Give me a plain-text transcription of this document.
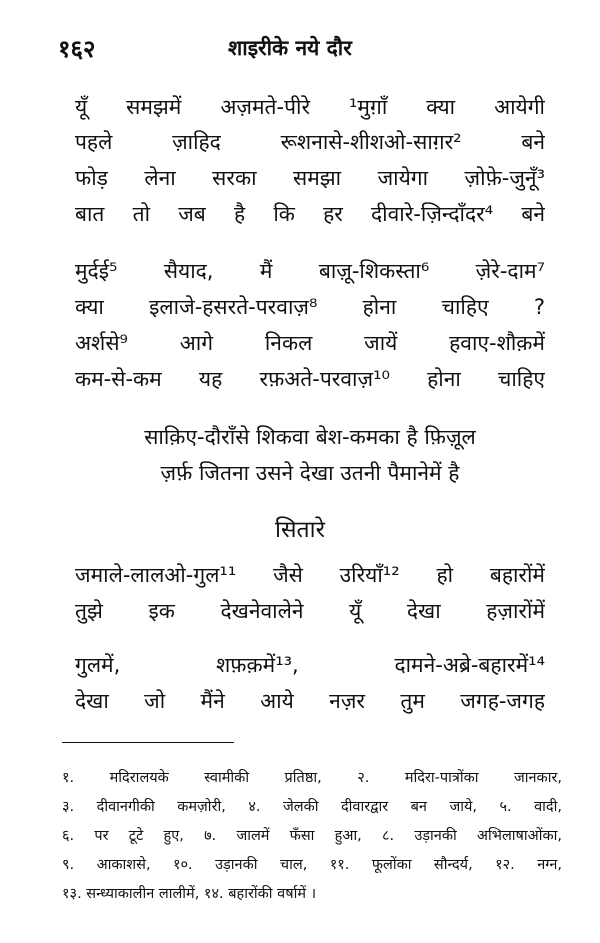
१६२	शाइरीके नये दौर
यूँ समझमें अज़मते-पीरे ¹मुग़ाँ क्या आयेगी
पहले ज़ाहिद रूशनासे-शीशओ-साग़र² बने
फोड़ लेना सरका समझा जायेगा ज़ोफ़े-जुनूँ³
बात तो जब है कि हर दीवारे-ज़िन्दाँदर⁴ बने
मुर्दई⁵ सैयाद, मैं बाज़ू-शिकस्ता⁶ ज़ेरे-दाम⁷
क्या इलाजे-हसरते-परवाज़⁸ होना चाहिए ?
अर्शसे⁹ आगे निकल जायें हवाए-शौक़में
कम-से-कम यह रफ़अते-परवाज़¹⁰ होना चाहिए
साक़िए-दौराँसे शिकवा बेश-कमका है फ़िज़ूल
ज़र्फ़ जितना उसने देखा उतनी पैमानेमें है
सितारे
जमाले-लालओ-गुल¹¹ जैसे उरियाँ¹² हो बहारोंमें
तुझे इक देखनेवालेने यूँ देखा हज़ारोंमें
गुलमें, शफ़क़में¹³, दामने-अब्रे-बहारमें¹⁴
देखा जो मैंने आये नज़र तुम जगह-जगह
१. मदिरालयके स्वामीकी प्रतिष्ठा, २. मदिरा-पात्रोंका जानकार,
३. दीवानगीकी कमज़ोरी, ४. जेलकी दीवारद्वार बन जाये, ५. वादी,
६. पर टूटे हुए, ७. जालमें फँसा हुआ, ८. उड़ानकी अभिलाषाओंका,
९. आकाशसे, १०. उड़ानकी चाल, ११. फूलोंका सौन्दर्य, १२. नग्न,
१३. सन्ध्याकालीन लालीमें, १४. बहारोंकी वर्षामें ।
